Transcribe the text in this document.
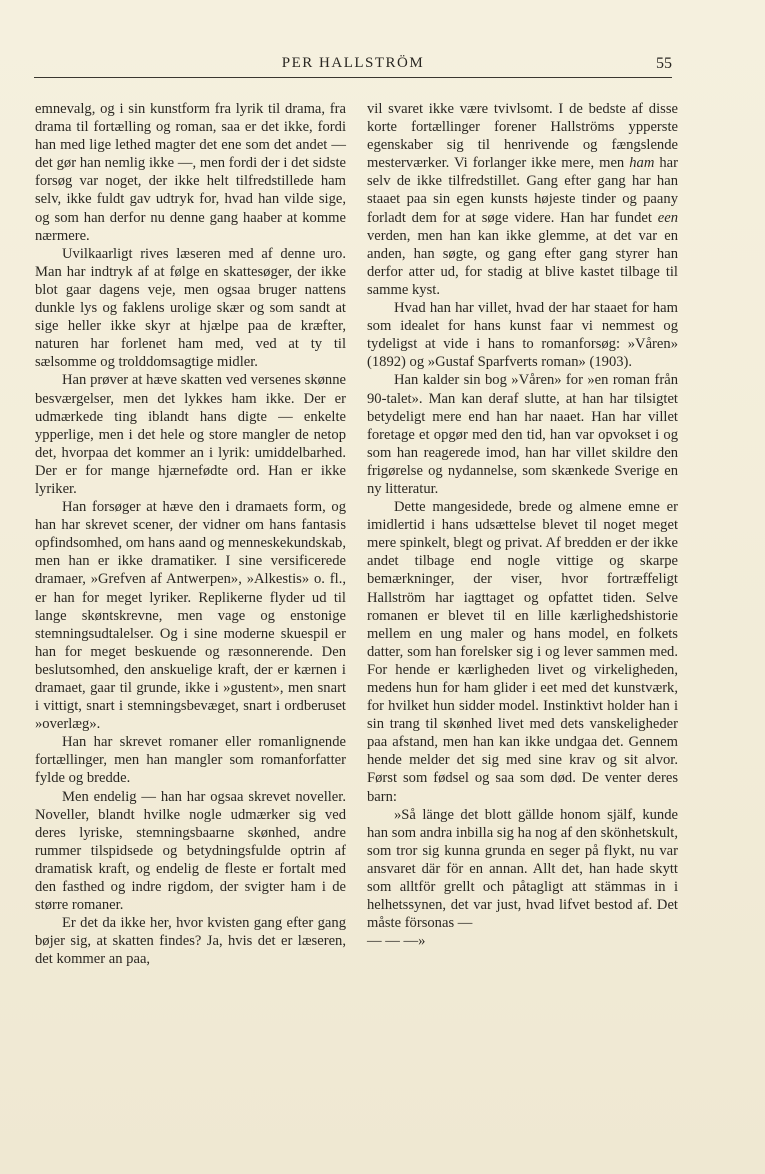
PER HALLSTRÖM	55

emnevalg, og i sin kunstform fra lyrik til drama, fra drama til fortælling og roman, saa er det ikke, fordi han med lige lethed magter det ene som det andet — det gør han nemlig ikke —, men fordi der i det sidste forsøg var noget, der ikke helt tilfredstillede ham selv, ikke fuldt gav udtryk for, hvad han vilde sige, og som han derfor nu denne gang haaber at komme nærmere.

Uvilkaarligt rives læseren med af denne uro. Man har indtryk af at følge en skattesøger, der ikke blot gaar dagens veje, men ogsaa bruger nattens dunkle lys og faklens urolige skær og som sandt at sige heller ikke skyr at hjælpe paa de kræfter, naturen har forlenet ham med, ved at ty til sælsomme og trolddomsagtige midler.

Han prøver at hæve skatten ved versenes skønne besværgelser, men det lykkes ham ikke. Der er udmærkede ting iblandt hans digte — enkelte ypperlige, men i det hele og store mangler de netop det, hvorpaa det kommer an i lyrik: umiddelbarhed. Der er for mange hjærnefødte ord. Han er ikke lyriker.

Han forsøger at hæve den i dramaets form, og han har skrevet scener, der vidner om hans fantasis opfindsomhed, om hans aand og menneskekundskab, men han er ikke dramatiker. I sine versificerede dramaer, »Grefven af Antwerpen», »Alkestis» o. fl., er han for meget lyriker. Replikerne flyder ud til lange skøntskrevne, men vage og enstonige stemningsudtalelser. Og i sine moderne skuespil er han for meget beskuende og ræsonnerende. Den beslutsomhed, den anskuelige kraft, der er kærnen i dramaet, gaar til grunde, ikke i »gustent», men snart i vittigt, snart i stemningsbevæget, snart i ordberuset »overlæg».

Han har skrevet romaner eller romanlignende fortællinger, men han mangler som romanforfatter fylde og bredde.

Men endelig — han har ogsaa skrevet noveller. Noveller, blandt hvilke nogle udmærker sig ved deres lyriske, stemningsbaarne skønhed, andre rummer tilspidsede og betydningsfulde optrin af dramatisk kraft, og endelig de fleste er fortalt med den fasthed og indre rigdom, der svigter ham i de større romaner.

Er det da ikke her, hvor kvisten gang efter gang bøjer sig, at skatten findes? Ja, hvis det er læseren, det kommer an paa,

vil svaret ikke være tvivlsomt. I de bedste af disse korte fortællinger forener Hallströms ypperste egenskaber sig til henrivende og fængslende mesterværker. Vi forlanger ikke mere, men ham har selv de ikke tilfredstillet. Gang efter gang har han staaet paa sin egen kunsts højeste tinder og paany forladt dem for at søge videre. Han har fundet een verden, men han kan ikke glemme, at det var en anden, han søgte, og gang efter gang styrer han derfor atter ud, for stadig at blive kastet tilbage til samme kyst.

Hvad han har villet, hvad der har staaet for ham som idealet for hans kunst faar vi nemmest og tydeligst at vide i hans to romanforsøg: »Våren» (1892) og »Gustaf Sparfverts roman» (1903).

Han kalder sin bog »Våren» for »en roman från 90-talet». Man kan deraf slutte, at han har tilsigtet betydeligt mere end han har naaet. Han har villet foretage et opgør med den tid, han var opvokset i og som han reagerede imod, han har villet skildre den frigørelse og nydannelse, som skænkede Sverige en ny litteratur.

Dette mangesidede, brede og almene emne er imidlertid i hans udsættelse blevet til noget meget mere spinkelt, blegt og privat. Af bredden er der ikke andet tilbage end nogle vittige og skarpe bemærkninger, der viser, hvor fortræffeligt Hallström har iagttaget og opfattet tiden. Selve romanen er blevet til en lille kærlighedshistorie mellem en ung maler og hans model, en folkets datter, som han forelsker sig i og lever sammen med. For hende er kærligheden livet og virkeligheden, medens hun for ham glider i eet med det kunstværk, for hvilket hun sidder model. Instinktivt holder han i sin trang til skønhed livet med dets vanskeligheder paa afstand, men han kan ikke undgaa det. Gennem hende melder det sig med sine krav og sit alvor. Først som fødsel og saa som død. De venter deres barn:

»Så länge det blott gällde honom själf, kunde han som andra inbilla sig ha nog af den skönhetskult, som tror sig kunna grunda en seger på flykt, nu var ansvaret där för en annan. Allt det, han hade skytt som alltför grellt och påtagligt att stämmas in i helhetssynen, det var just, hvad lifvet bestod af. Det måste försonas —

— — —»
